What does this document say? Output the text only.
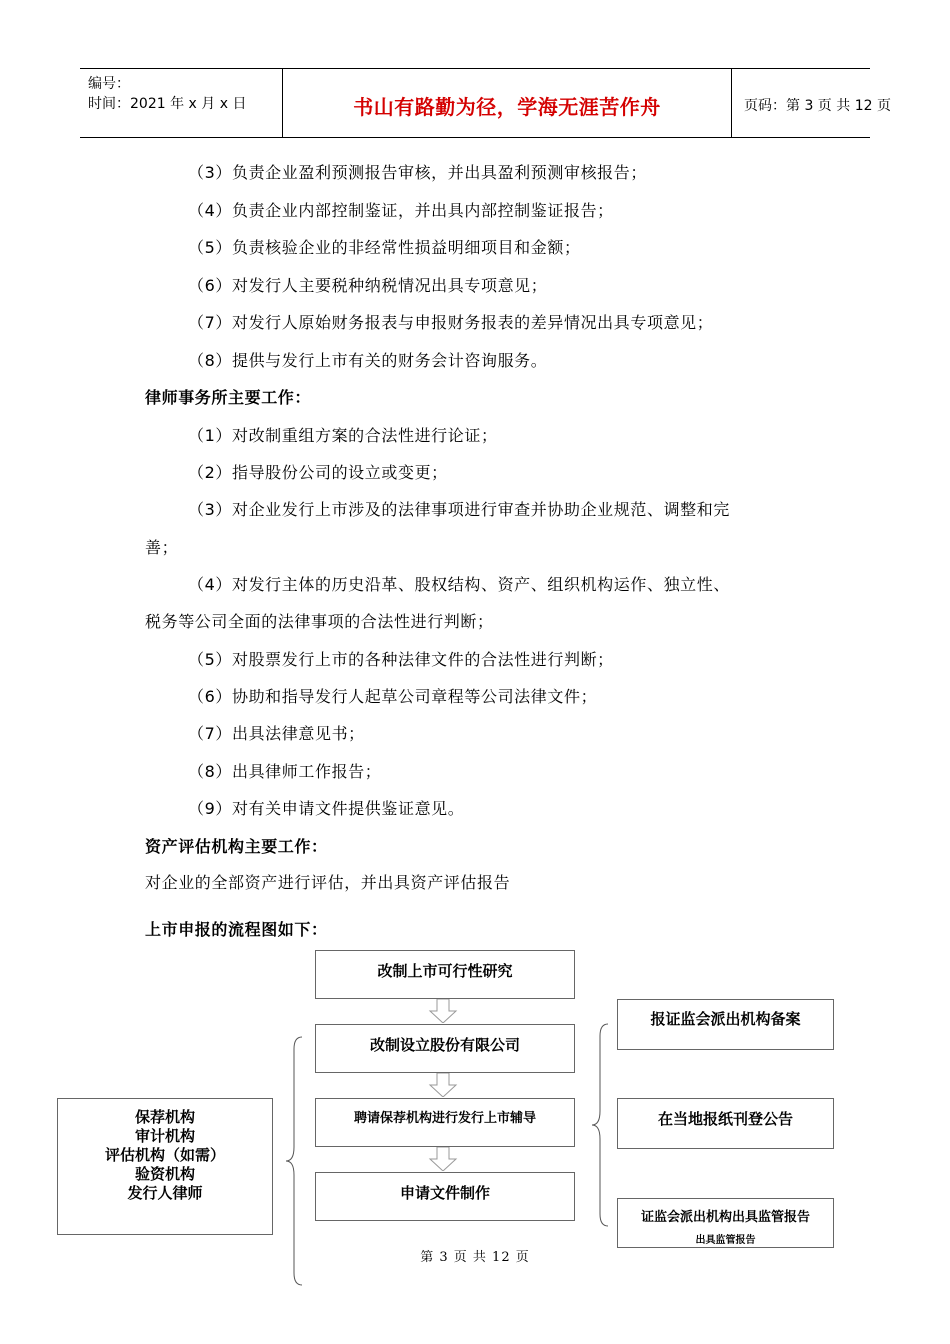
编号：
时间：2021 年 x 月 x 日	书山有路勤为径，学海无涯苦作舟	页码：第 3 页 共 12 页
（3）负责企业盈利预测报告审核，并出具盈利预测审核报告；
（4）负责企业内部控制鉴证，并出具内部控制鉴证报告；
（5）负责核验企业的非经常性损益明细项目和金额；
（6）对发行人主要税种纳税情况出具专项意见；
（7）对发行人原始财务报表与申报财务报表的差异情况出具专项意见；
（8）提供与发行上市有关的财务会计咨询服务。
律师事务所主要工作：
（1）对改制重组方案的合法性进行论证；
（2）指导股份公司的设立或变更；
（3）对企业发行上市涉及的法律事项进行审查并协助企业规范、调整和完
善；
（4）对发行主体的历史沿革、股权结构、资产、组织机构运作、独立性、
税务等公司全面的法律事项的合法性进行判断；
（5）对股票发行上市的各种法律文件的合法性进行判断；
（6）协助和指导发行人起草公司章程等公司法律文件；
（7）出具法律意见书；
（8）出具律师工作报告；
（9）对有关申请文件提供鉴证意见。
资产评估机构主要工作：
对企业的全部资产进行评估，并出具资产评估报告
上市申报的流程图如下：
改制上市可行性研究
改制设立股份有限公司
聘请保荐机构进行发行上市辅导
申请文件制作
保荐机构
审计机构
评估机构（如需）
验资机构
发行人律师
报证监会派出机构备案
在当地报纸刊登公告
证监会派出机构出具监管报告
出具监管报告
第 3 页 共 12 页
